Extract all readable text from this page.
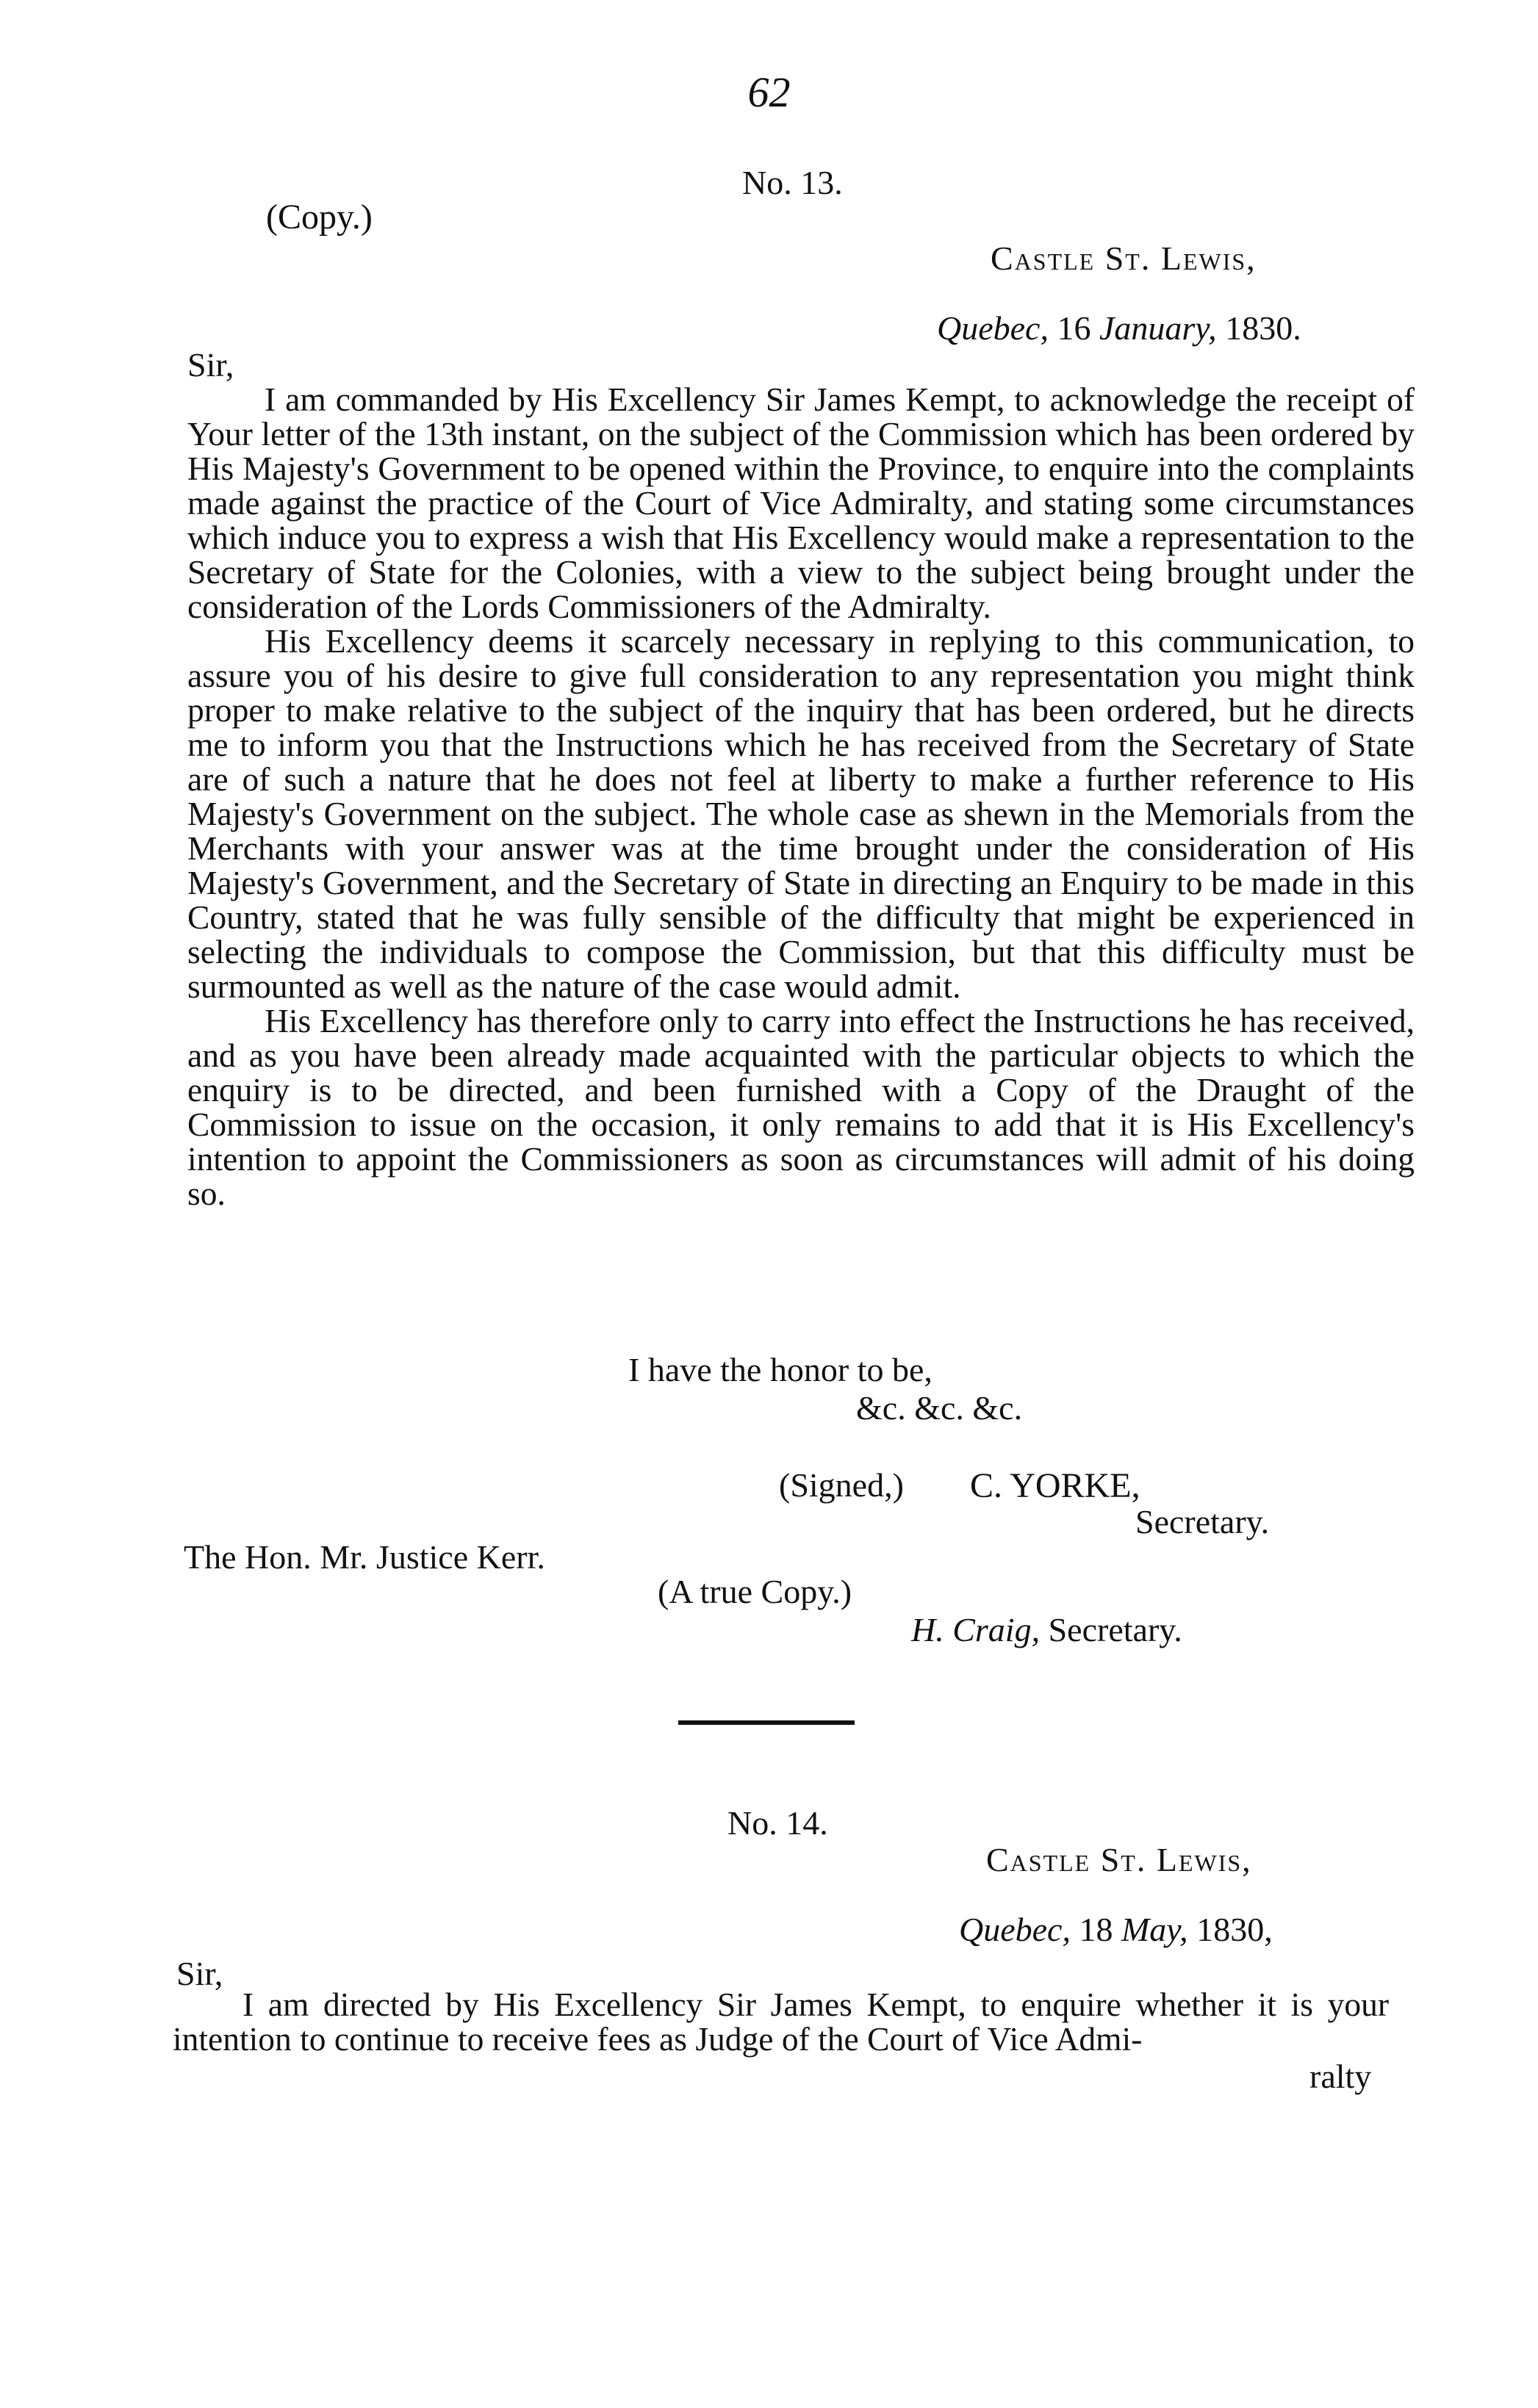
62
No. 13.
(Copy.)
Castle St. Lewis,
Quebec, 16 January, 1830.
Sir,

I am commanded by His Excellency Sir James Kempt, to acknowledge the receipt of Your letter of the 13th instant, on the subject of the Commission which has been ordered by His Majesty's Government to be opened within the Province, to enquire into the complaints made against the practice of the Court of Vice Admiralty, and stating some circumstances which induce you to express a wish that His Excellency would make a representation to the Secretary of State for the Colonies, with a view to the subject being brought under the consideration of the Lords Commissioners of the Admiralty.

His Excellency deems it scarcely necessary in replying to this communication, to assure you of his desire to give full consideration to any representation you might think proper to make relative to the subject of the inquiry that has been ordered, but he directs me to inform you that the Instructions which he has received from the Secretary of State are of such a nature that he does not feel at liberty to make a further reference to His Majesty's Government on the subject. The whole case as shewn in the Memorials from the Merchants with your answer was at the time brought under the consideration of His Majesty's Government, and the Secretary of State in directing an Enquiry to be made in this Country, stated that he was fully sensible of the difficulty that might be experienced in selecting the individuals to compose the Commission, but that this difficulty must be surmounted as well as the nature of the case would admit.

His Excellency has therefore only to carry into effect the Instructions he has received, and as you have been already made acquainted with the particular objects to which the enquiry is to be directed, and been furnished with a Copy of the Draught of the Commission to issue on the occasion, it only remains to add that it is His Excellency's intention to appoint the Commissioners as soon as circumstances will admit of his doing so.

I have the honor to be,
&c. &c. &c.
(Signed,) C. YORKE,
Secretary.
The Hon. Mr. Justice Kerr.
(A true Copy.)
H. Craig, Secretary.
No. 14.
Castle St. Lewis,
Quebec, 18 May, 1830,
Sir,

I am directed by His Excellency Sir James Kempt, to enquire whether it is your intention to continue to receive fees as Judge of the Court of Vice Admi-

ralty
